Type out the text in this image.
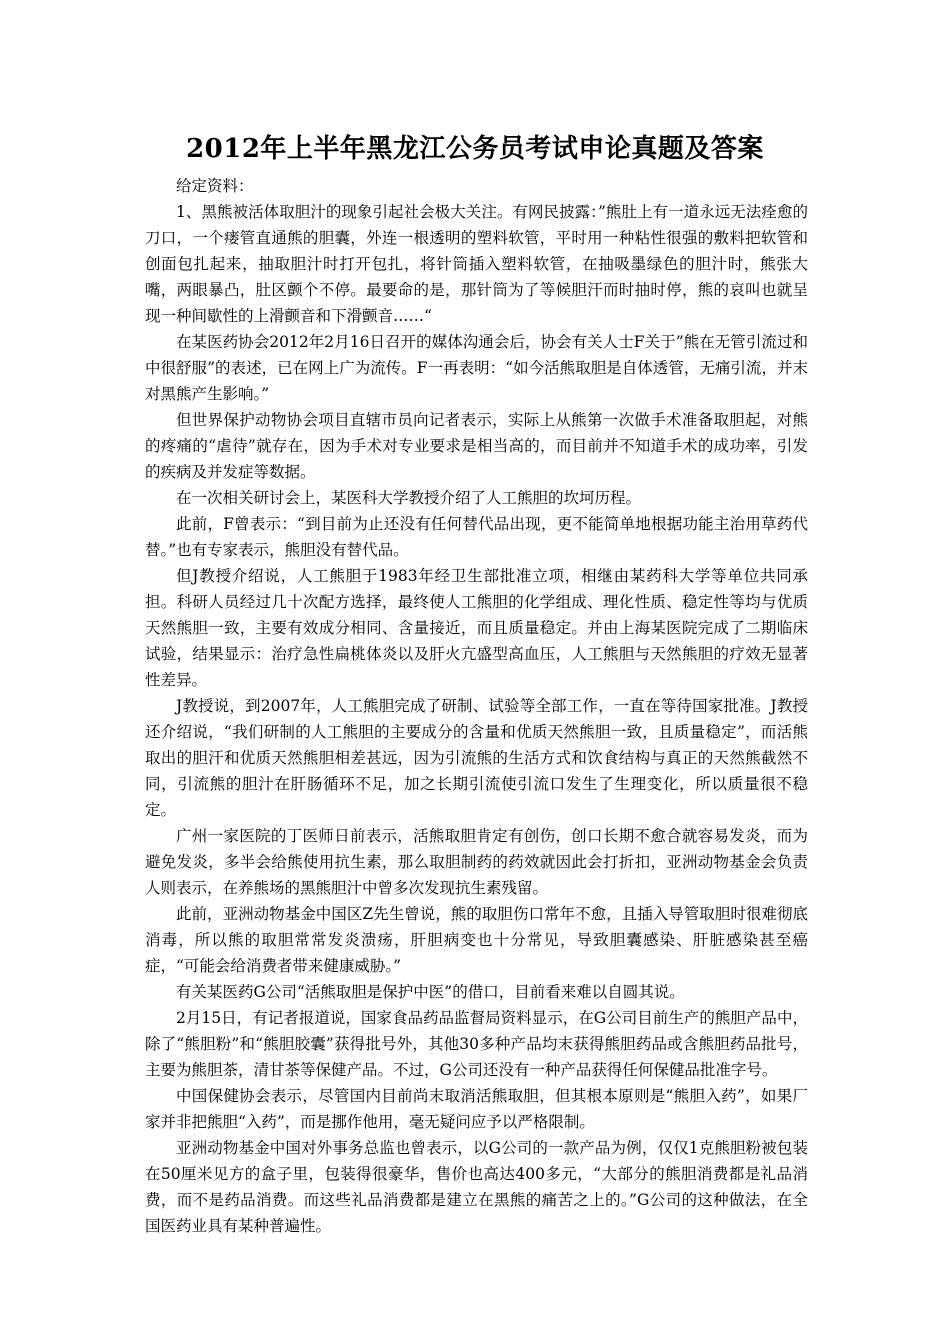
2012年上半年黑龙江公务员考试申论真题及答案

给定资料：

1、黑熊被活体取胆汁的现象引起社会极大关注。有网民披露：”熊肚上有一道永远无法痊愈的刀口，一个瘘管直通熊的胆囊，外连一根透明的塑料软管，平时用一种粘性很强的敷料把软管和创面包扎起来，抽取胆汁时打开包扎，将针筒插入塑料软管，在抽吸墨绿色的胆汁时，熊张大嘴，两眼暴凸，肚区颤个不停。最要命的是，那针筒为了等候胆汗而时抽时停，熊的哀叫也就呈现一种间歇性的上滑颤音和下滑颤音……“

在某医药协会2012年2月16日召开的媒体沟通会后，协会有关人士F关于”熊在无管引流过和中很舒服”的表述，已在网上广为流传。F一再表明：“如今活熊取胆是自体透管，无痛引流，并末对黑熊产生影响。”

但世界保护动物协会项目直辖市员向记者表示，实际上从熊第一次做手术准备取胆起，对熊的疼痛的“虐待”就存在，因为手术对专业要求是相当高的，而目前并不知道手术的成功率，引发的疾病及并发症等数据。

在一次相关研讨会上，某医科大学教授介绍了人工熊胆的坎坷历程。

此前，F曾表示：“到目前为止还没有任何替代品出现，更不能简单地根据功能主治用草药代替。”也有专家表示，熊胆没有替代品。

但J教授介绍说，人工熊胆于1983年经卫生部批准立项，相继由某药科大学等单位共同承担。科研人员经过几十次配方选择，最终使人工熊胆的化学组成、理化性质、稳定性等均与优质天然熊胆一致，主要有效成分相同、含量接近，而且质量稳定。并由上海某医院完成了二期临床试验，结果显示：治疗急性扁桃体炎以及肝火亢盛型高血压，人工熊胆与天然熊胆的疗效无显著性差异。

J教授说，到2007年，人工熊胆完成了研制、试验等全部工作，一直在等待国家批准。J教授还介绍说，“我们研制的人工熊胆的主要成分的含量和优质天然熊胆一致，且质量稳定”，而活熊取出的胆汗和优质天然熊胆相差甚远，因为引流熊的生活方式和饮食结构与真正的天然熊截然不同，引流熊的胆汁在肝肠循环不足，加之长期引流使引流口发生了生理变化，所以质量很不稳定。

广州一家医院的丁医师日前表示，活熊取胆肯定有创伤，创口长期不愈合就容易发炎，而为避免发炎，多半会给熊使用抗生素，那么取胆制药的药效就因此会打折扣，亚洲动物基金会负责人则表示，在养熊场的黑熊胆汁中曾多次发现抗生素残留。

此前，亚洲动物基金中国区Z先生曾说，熊的取胆伤口常年不愈，且插入导管取胆时很难彻底消毒，所以熊的取胆常常发炎溃疡，肝胆病变也十分常见，导致胆囊感染、肝脏感染甚至癌症，“可能会给消费者带来健康威胁。”

有关某医药G公司“活熊取胆是保护中医”的借口，目前看来难以自圆其说。

2月15日，有记者报道说，国家食品药品监督局资料显示，在G公司目前生产的熊胆产品中，除了“熊胆粉”和“熊胆胶囊”获得批号外，其他30多种产品均末获得熊胆药品或含熊胆药品批号，主要为熊胆茶，清甘茶等保健产品。不过，G公司还没有一种产品获得任何保健品批准字号。

中国保健协会表示，尽管国内目前尚末取消活熊取胆，但其根本原则是“熊胆入药”，如果厂家并非把熊胆“入药”，而是挪作他用，毫无疑问应予以严格限制。

亚洲动物基金中国对外事务总监也曾表示，以G公司的一款产品为例，仅仅1克熊胆粉被包装在50厘米见方的盒子里，包装得很豪华，售价也高达400多元，“大部分的熊胆消费都是礼品消费，而不是药品消费。而这些礼品消费都是建立在黑熊的痛苦之上的。”G公司的这种做法，在全国医药业具有某种普遍性。
